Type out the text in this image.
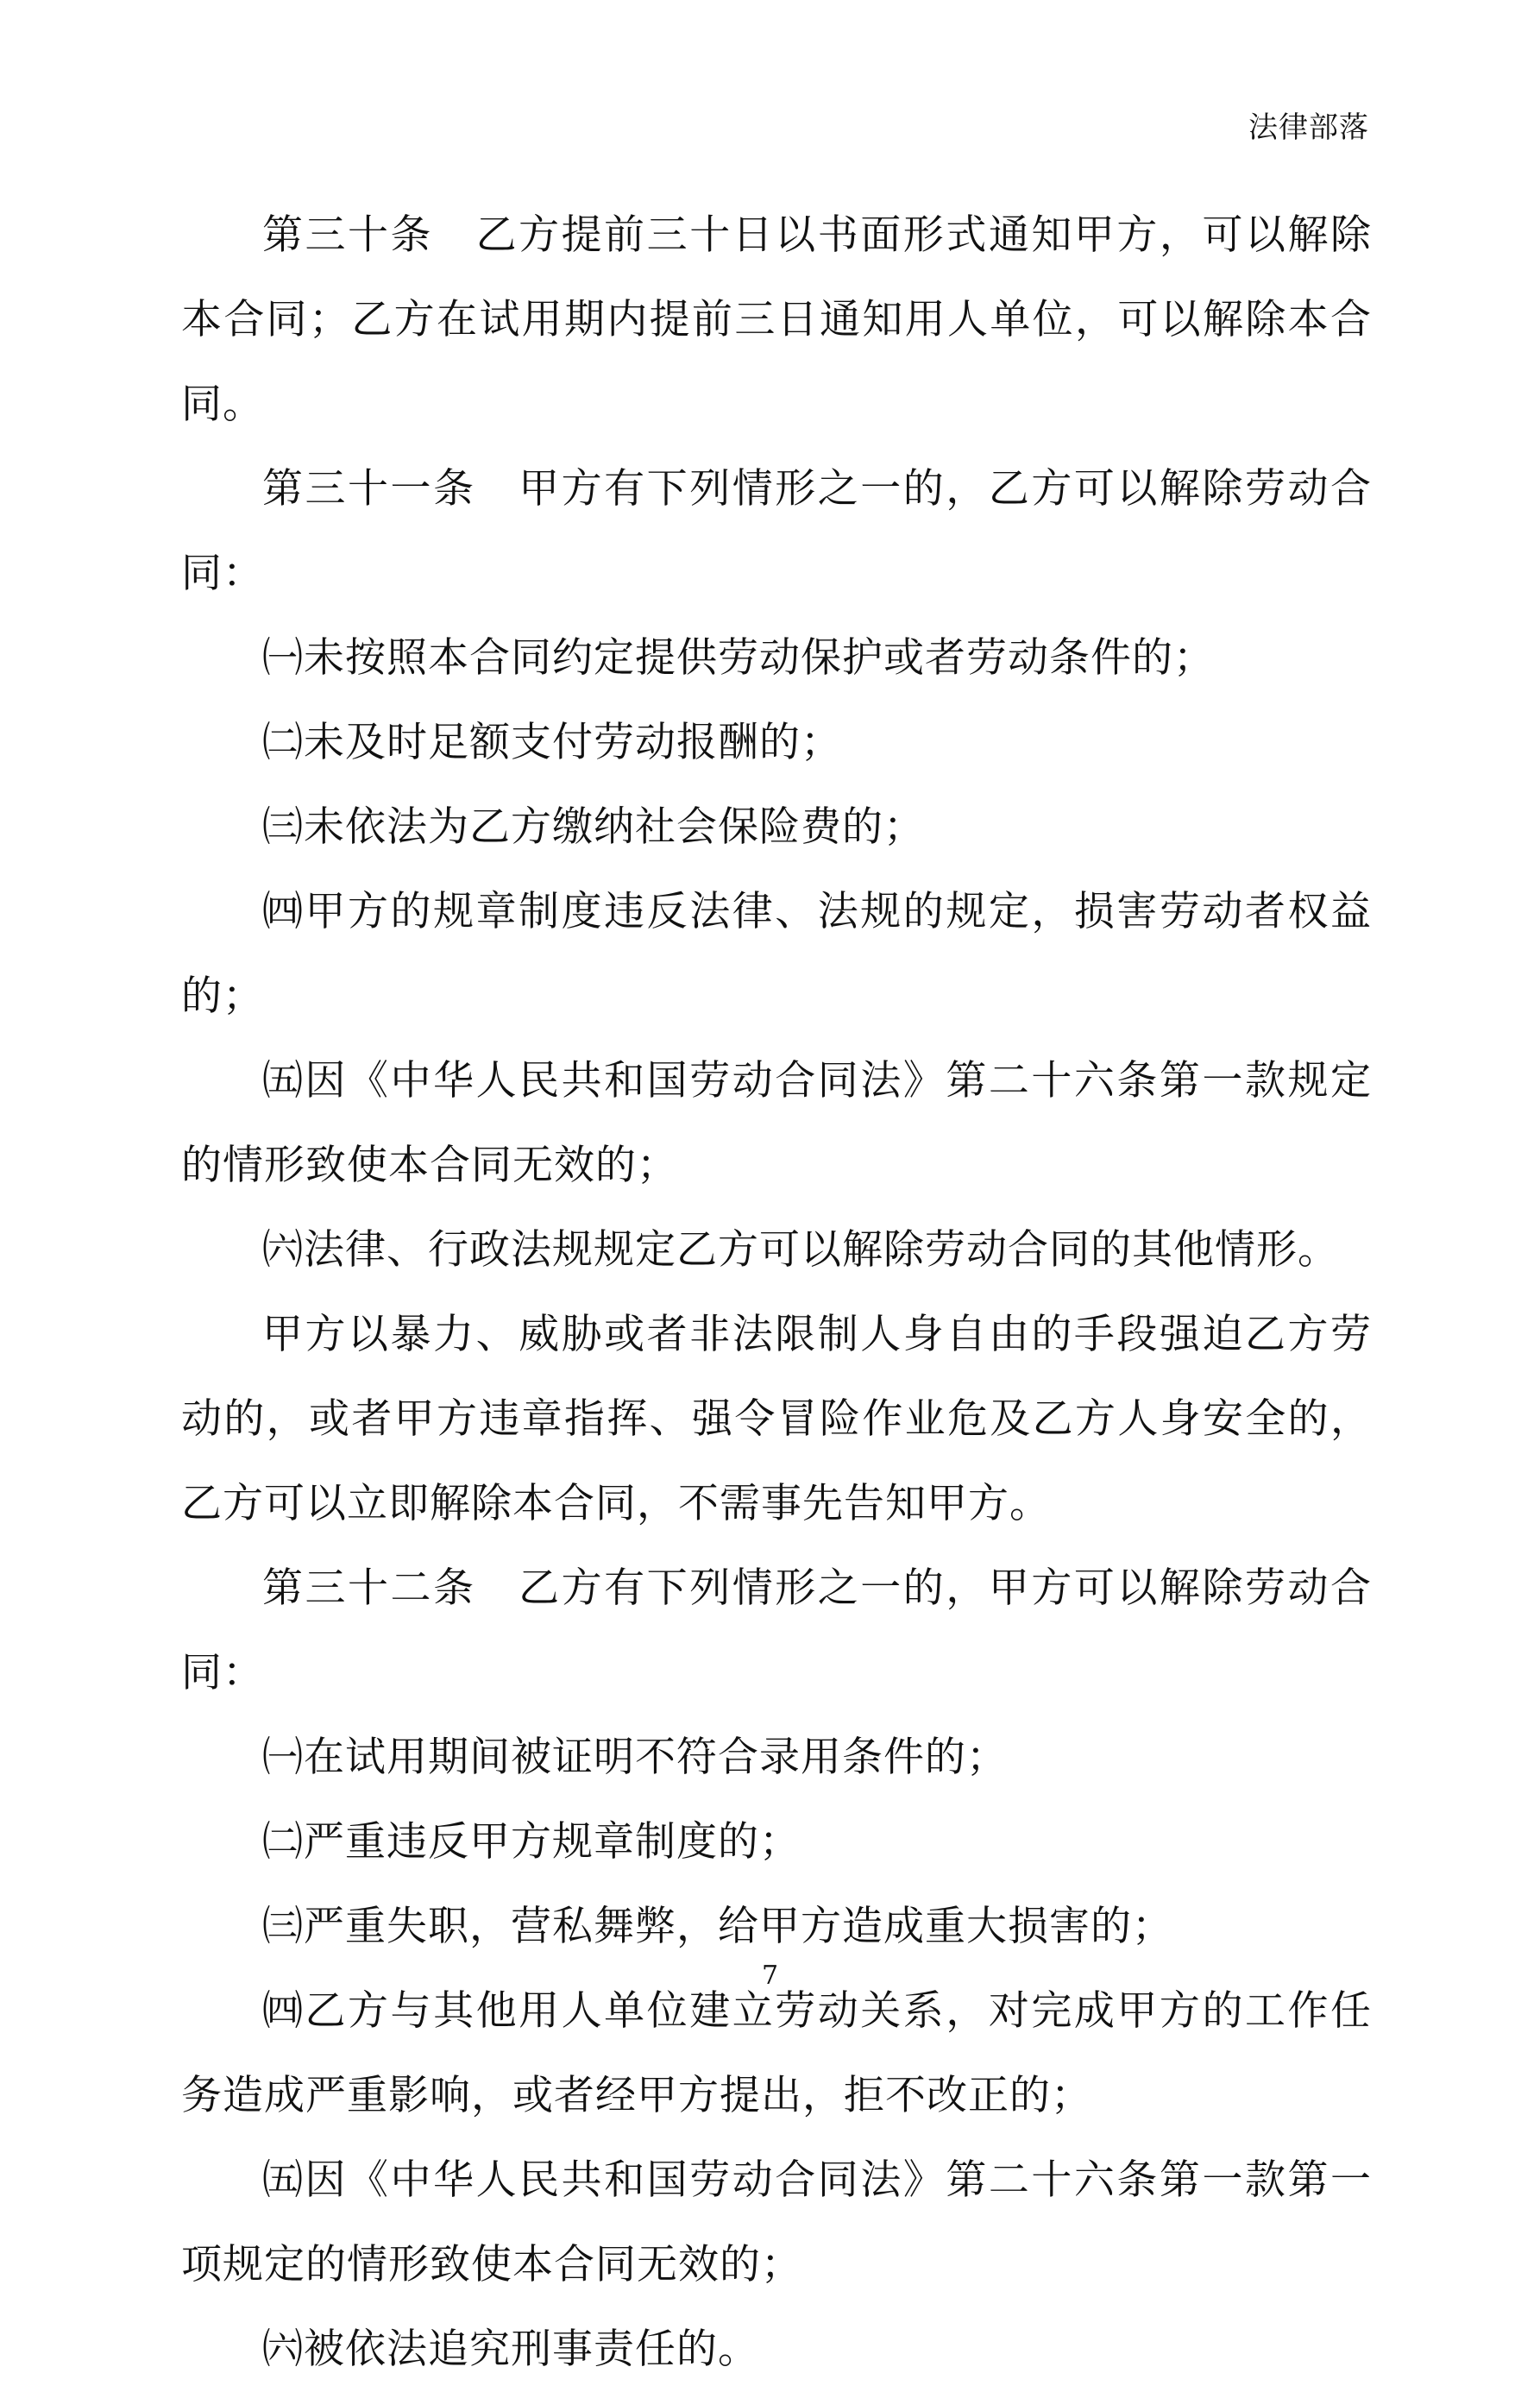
法律部落

第三十条　乙方提前三十日以书面形式通知甲方，可以解除本合同；乙方在试用期内提前三日通知用人单位，可以解除本合同。

第三十一条　甲方有下列情形之一的，乙方可以解除劳动合同：

㈠未按照本合同约定提供劳动保护或者劳动条件的；

㈡未及时足额支付劳动报酬的；

㈢未依法为乙方缴纳社会保险费的；

㈣甲方的规章制度违反法律、法规的规定，损害劳动者权益的；

㈤因《中华人民共和国劳动合同法》第二十六条第一款规定的情形致使本合同无效的；

㈥法律、行政法规规定乙方可以解除劳动合同的其他情形。

甲方以暴力、威胁或者非法限制人身自由的手段强迫乙方劳动的，或者甲方违章指挥、强令冒险作业危及乙方人身安全的，乙方可以立即解除本合同，不需事先告知甲方。

第三十二条　乙方有下列情形之一的，甲方可以解除劳动合同：

㈠在试用期间被证明不符合录用条件的；

㈡严重违反甲方规章制度的；

㈢严重失职，营私舞弊，给甲方造成重大损害的；

㈣乙方与其他用人单位建立劳动关系，对完成甲方的工作任务造成严重影响，或者经甲方提出，拒不改正的；

㈤因《中华人民共和国劳动合同法》第二十六条第一款第一项规定的情形致使本合同无效的；

㈥被依法追究刑事责任的。

7
